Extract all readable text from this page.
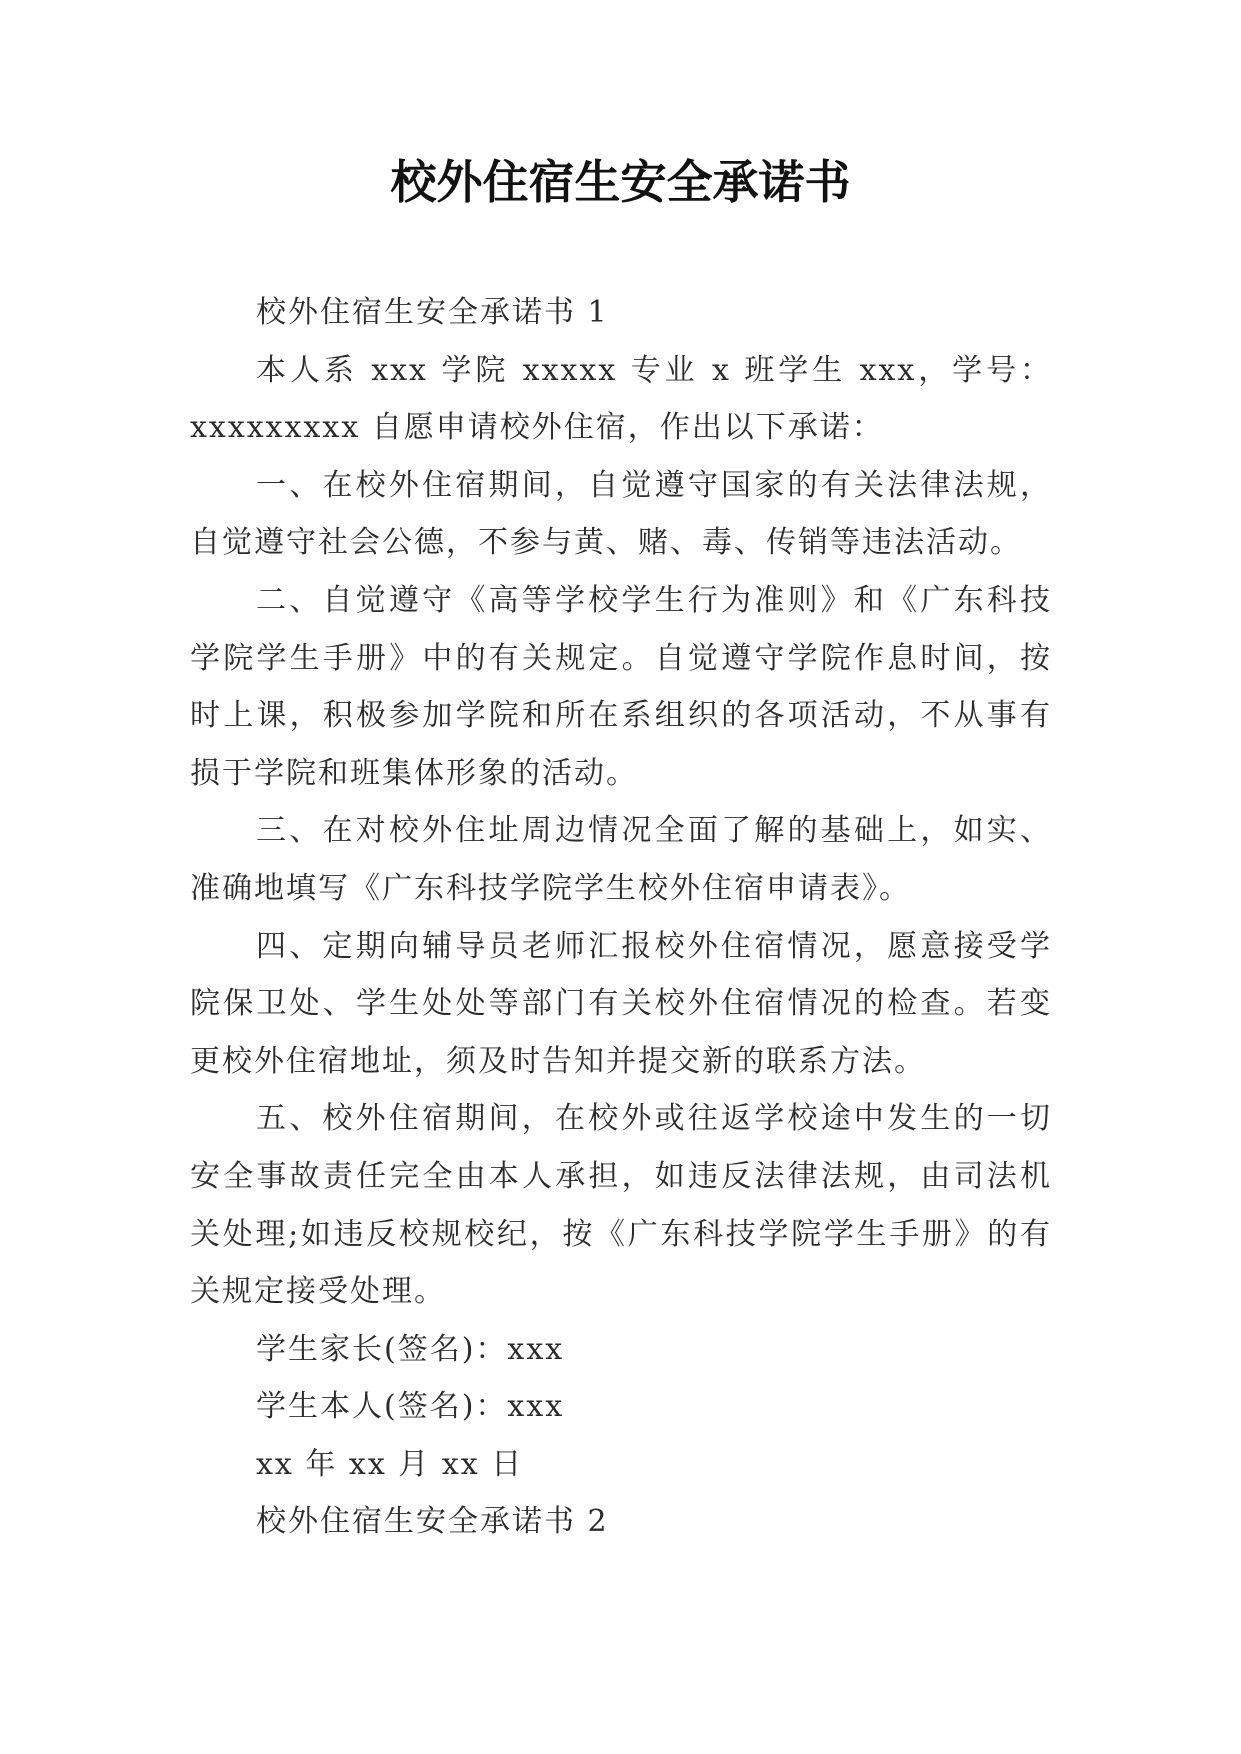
校外住宿生安全承诺书

校外住宿生安全承诺书 1

本人系 xxx 学院 xxxxx 专业 x 班学生 xxx，学号：xxxxxxxxx 自愿申请校外住宿，作出以下承诺：

一、在校外住宿期间，自觉遵守国家的有关法律法规，自觉遵守社会公德，不参与黄、赌、毒、传销等违法活动。

二、自觉遵守《高等学校学生行为准则》和《广东科技学院学生手册》中的有关规定。自觉遵守学院作息时间，按时上课，积极参加学院和所在系组织的各项活动，不从事有损于学院和班集体形象的活动。

三、在对校外住址周边情况全面了解的基础上，如实、准确地填写《广东科技学院学生校外住宿申请表》。

四、定期向辅导员老师汇报校外住宿情况，愿意接受学院保卫处、学生处处等部门有关校外住宿情况的检查。若变更校外住宿地址，须及时告知并提交新的联系方法。

五、校外住宿期间，在校外或往返学校途中发生的一切安全事故责任完全由本人承担，如违反法律法规，由司法机关处理;如违反校规校纪，按《广东科技学院学生手册》的有关规定接受处理。

学生家长(签名)：xxx

学生本人(签名)：xxx

xx 年 xx 月 xx 日

校外住宿生安全承诺书 2
